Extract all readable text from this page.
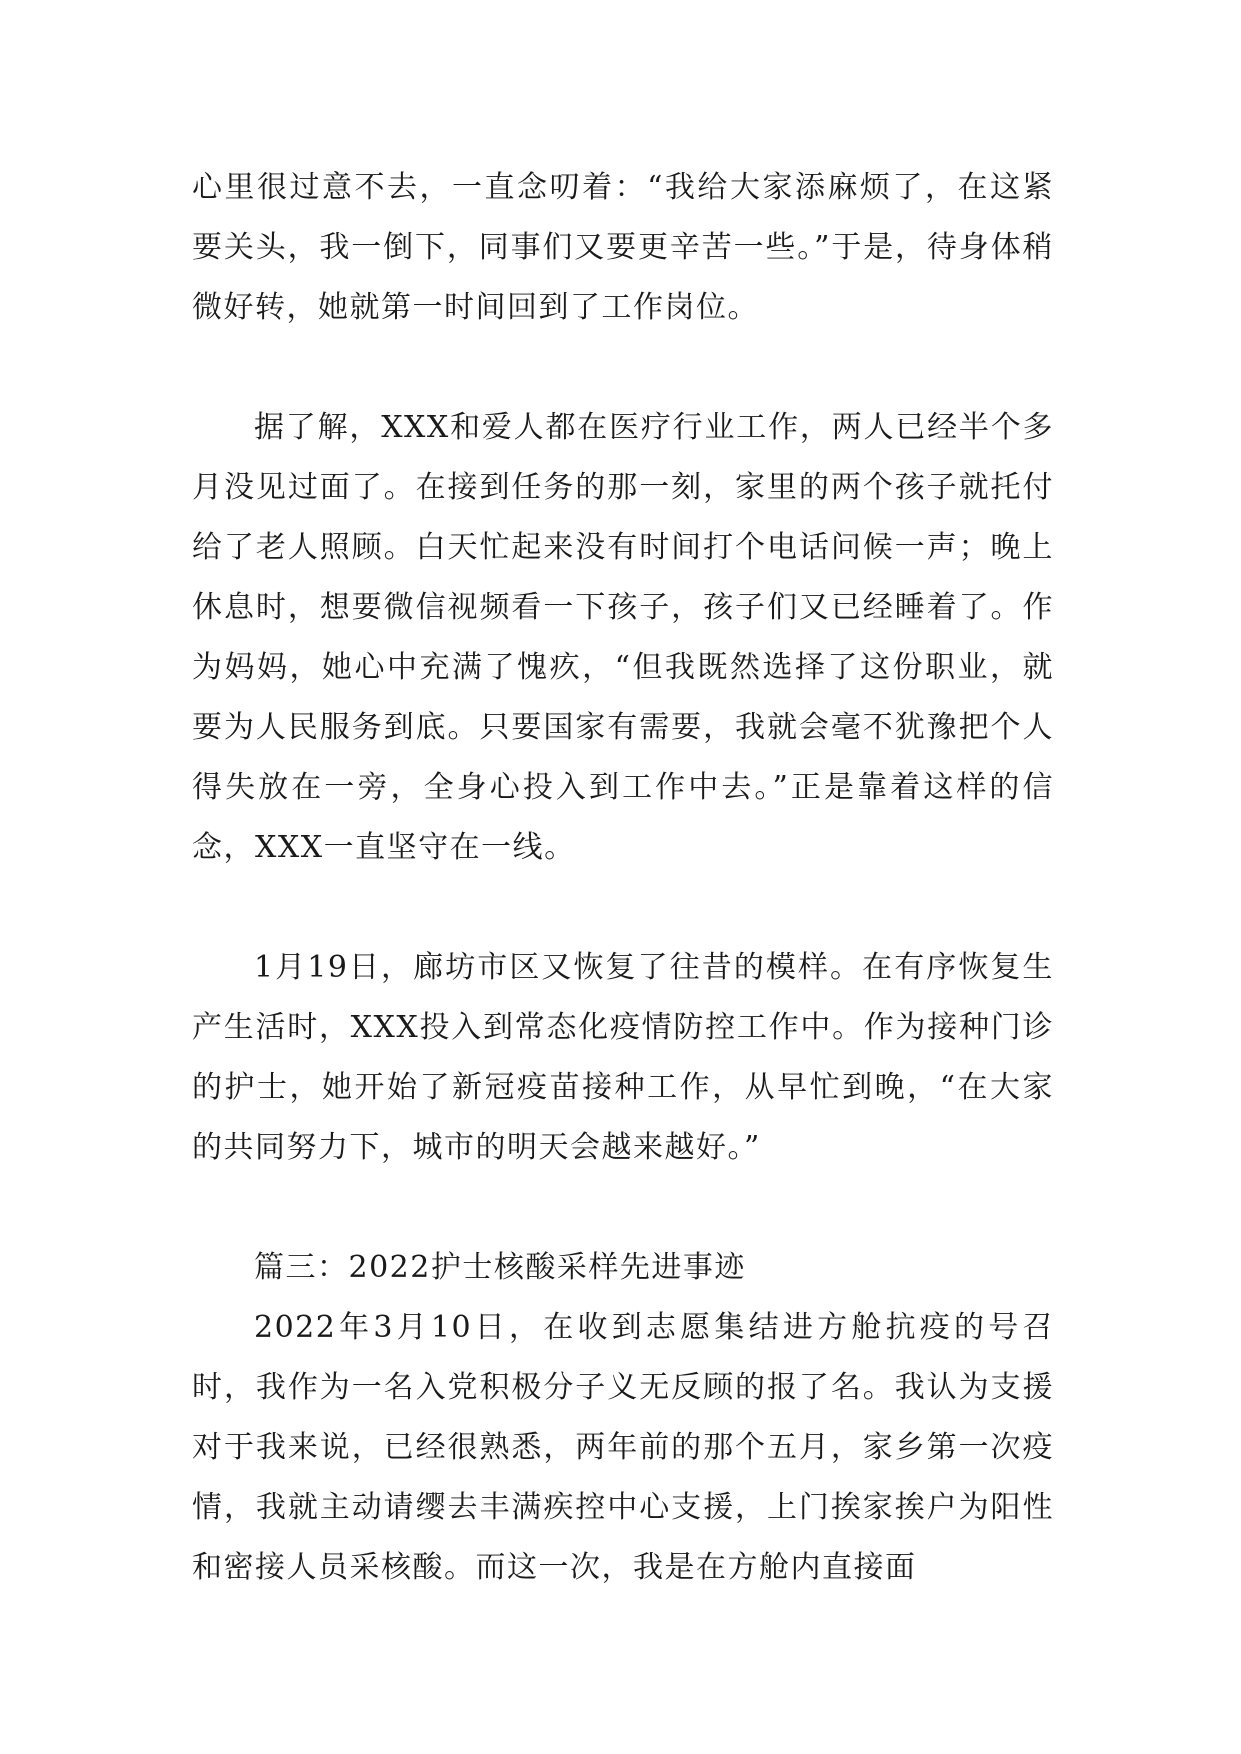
心里很过意不去，一直念叨着：“我给大家添麻烦了，在这紧要关头，我一倒下，同事们又要更辛苦一些。”于是，待身体稍微好转，她就第一时间回到了工作岗位。

据了解，XXX和爱人都在医疗行业工作，两人已经半个多月没见过面了。在接到任务的那一刻，家里的两个孩子就托付给了老人照顾。白天忙起来没有时间打个电话问候一声；晚上休息时，想要微信视频看一下孩子，孩子们又已经睡着了。作为妈妈，她心中充满了愧疚，“但我既然选择了这份职业，就要为人民服务到底。只要国家有需要，我就会毫不犹豫把个人得失放在一旁，全身心投入到工作中去。”正是靠着这样的信念，XXX一直坚守在一线。

1月19日，廊坊市区又恢复了往昔的模样。在有序恢复生产生活时，XXX投入到常态化疫情防控工作中。作为接种门诊的护士，她开始了新冠疫苗接种工作，从早忙到晚，“在大家的共同努力下，城市的明天会越来越好。”

篇三：2022护士核酸采样先进事迹

2022年3月10日，在收到志愿集结进方舱抗疫的号召时，我作为一名入党积极分子义无反顾的报了名。我认为支援对于我来说，已经很熟悉，两年前的那个五月，家乡第一次疫情，我就主动请缨去丰满疾控中心支援，上门挨家挨户为阳性和密接人员采核酸。而这一次，我是在方舱内直接面
